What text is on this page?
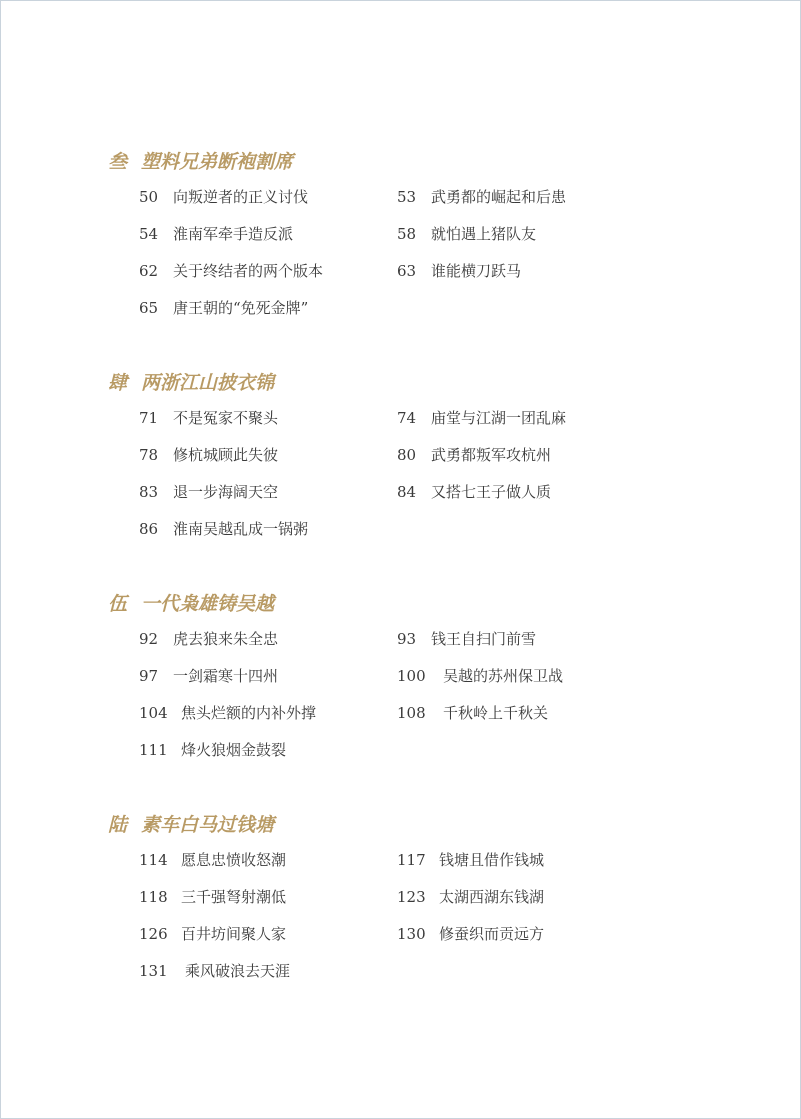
叁 塑料兄弟断袍割席
50 向叛逆者的正义讨伐	53 武勇都的崛起和后患
54 淮南军牵手造反派	58 就怕遇上猪队友
62 关于终结者的两个版本	63 谁能横刀跃马
65 唐王朝的“免死金牌”
肆 两浙江山披衣锦
71 不是冤家不聚头	74 庙堂与江湖一团乱麻
78 修杭城顾此失彼	80 武勇都叛军攻杭州
83 退一步海阔天空	84 又搭七王子做人质
86 淮南吴越乱成一锅粥
伍 一代枭雄铸吴越
92 虎去狼来朱全忠	93 钱王自扫门前雪
97 一剑霜寒十四州	100 吴越的苏州保卫战
104 焦头烂额的内补外撑	108 千秋岭上千秋关
111 烽火狼烟金鼓裂
陆 素车白马过钱塘
114 愿息忠愤收怒潮	117 钱塘且借作钱城
118 三千强弩射潮低	123 太湖西湖东钱湖
126 百井坊间聚人家	130 修蚕织而贡远方
131 乘风破浪去天涯
